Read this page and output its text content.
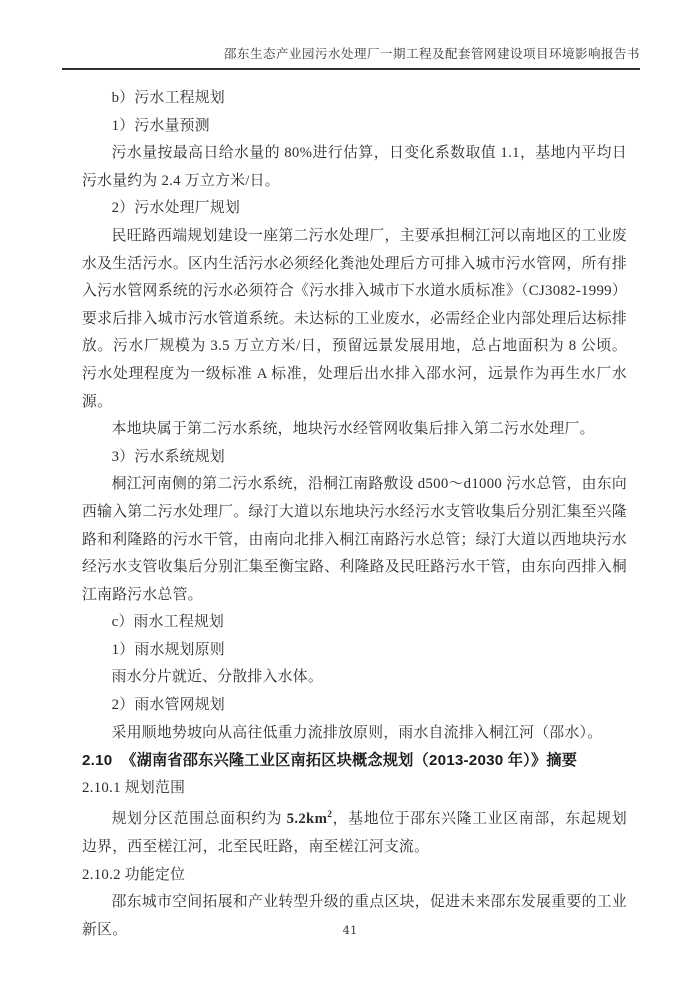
邵东生态产业园污水处理厂一期工程及配套管网建设项目环境影响报告书

b）污水工程规划

1）污水量预测

污水量按最高日给水量的 80%进行估算，日变化系数取值 1.1，基地内平均日污水量约为 2.4 万立方米/日。

2）污水处理厂规划

民旺路西端规划建设一座第二污水处理厂，主要承担桐江河以南地区的工业废水及生活污水。区内生活污水必须经化粪池处理后方可排入城市污水管网，所有排入污水管网系统的污水必须符合《污水排入城市下水道水质标准》（CJ3082-1999）要求后排入城市污水管道系统。未达标的工业废水，必需经企业内部处理后达标排放。污水厂规模为 3.5 万立方米/日，预留远景发展用地，总占地面积为 8 公顷。污水处理程度为一级标准 A 标准，处理后出水排入邵水河，远景作为再生水厂水源。

本地块属于第二污水系统，地块污水经管网收集后排入第二污水处理厂。

3）污水系统规划

桐江河南侧的第二污水系统，沿桐江南路敷设 d500～d1000 污水总管，由东向西输入第二污水处理厂。绿汀大道以东地块污水经污水支管收集后分别汇集至兴隆路和利隆路的污水干管，由南向北排入桐江南路污水总管；绿汀大道以西地块污水经污水支管收集后分别汇集至衡宝路、利隆路及民旺路污水干管，由东向西排入桐江南路污水总管。

c）雨水工程规划

1）雨水规划原则

雨水分片就近、分散排入水体。

2）雨水管网规划

采用顺地势坡向从高往低重力流排放原则，雨水自流排入桐江河（邵水）。

2.10  《湖南省邵东兴隆工业区南拓区块概念规划（2013-2030 年）》摘要

2.10.1 规划范围

规划分区范围总面积约为 $5.2km^2$，基地位于邵东兴隆工业区南部，东起规划边界，西至槎江河，北至民旺路，南至槎江河支流。

2.10.2 功能定位

邵东城市空间拓展和产业转型升级的重点区块，促进未来邵东发展重要的工业新区。	41
